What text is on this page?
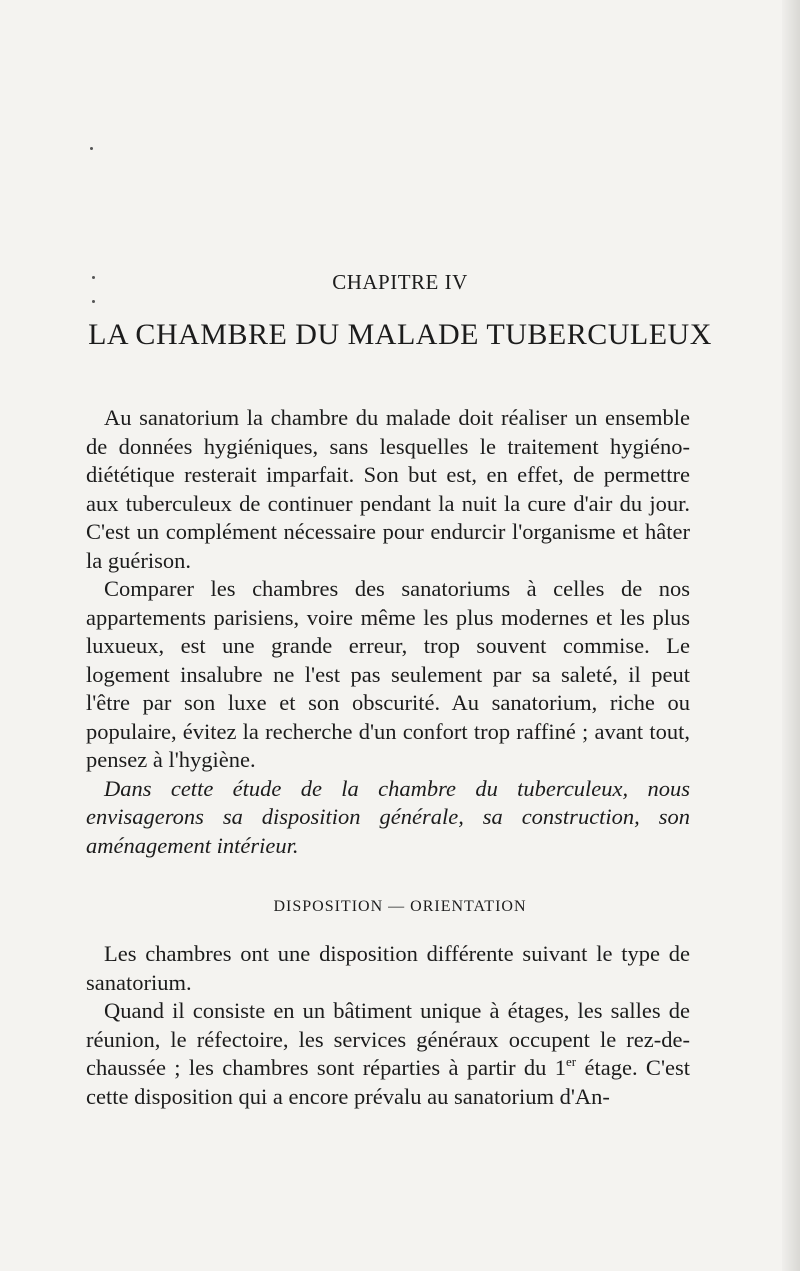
CHAPITRE IV
LA CHAMBRE DU MALADE TUBERCULEUX

Au sanatorium la chambre du malade doit réaliser un ensemble de données hygiéniques, sans lesquelles le traitement hygiéno-diététique resterait imparfait. Son but est, en effet, de permettre aux tuberculeux de continuer pendant la nuit la cure d'air du jour. C'est un complément nécessaire pour endurcir l'organisme et hâter la guérison.

Comparer les chambres des sanatoriums à celles de nos appartements parisiens, voire même les plus modernes et les plus luxueux, est une grande erreur, trop souvent commise. Le logement insalubre ne l'est pas seulement par sa saleté, il peut l'être par son luxe et son obscurité. Au sanatorium, riche ou populaire, évitez la recherche d'un confort trop raffiné ; avant tout, pensez à l'hygiène.

Dans cette étude de la chambre du tuberculeux, nous envisagerons sa disposition générale, sa construction, son aménagement intérieur.

DISPOSITION — ORIENTATION

Les chambres ont une disposition différente suivant le type de sanatorium.

Quand il consiste en un bâtiment unique à étages, les salles de réunion, le réfectoire, les services généraux occupent le rez-de-chaussée ; les chambres sont réparties à partir du 1er étage. C'est cette disposition qui a encore prévalu au sanatorium d'An-
